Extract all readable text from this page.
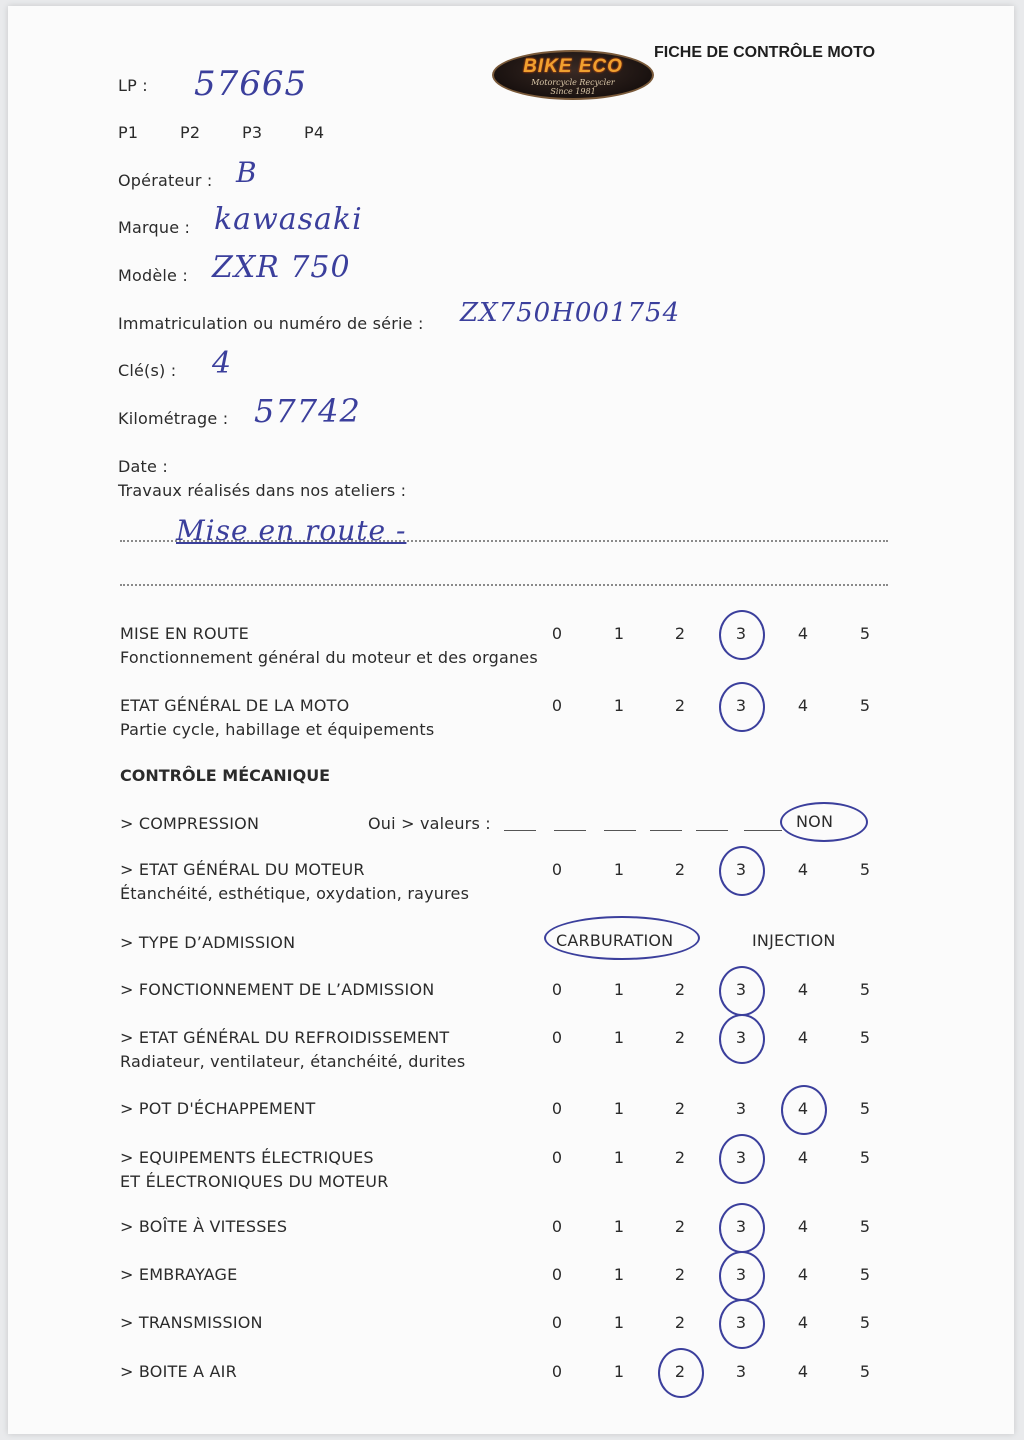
BIKE ECO
Motorcycle Recycler
Since 1981
FICHE DE CONTRÔLE MOTO
LP : 57665
P1	P2	P3	P4
Opérateur : B
Marque : kawasaki
Modèle : ZXR 750
Immatriculation ou numéro de série : ZX750H001754
Clé(s) : 4
Kilométrage : 57742
Date :
Travaux réalisés dans nos ateliers :
Mise en route -
MISE EN ROUTE
Fonctionnement général du moteur et des organes
0	1	2	3	4	5
ETAT GÉNÉRAL DE LA MOTO
Partie cycle, habillage et équipements
0	1	2	3	4	5
> ETAT GÉNÉRAL DU MOTEUR
Étanchéité, esthétique, oxydation, rayures
0	1	2	3	4	5
> FONCTIONNEMENT DE L’ADMISSION	0	1	2	3	4	5
> ETAT GÉNÉRAL DU REFROIDISSEMENT
Radiateur, ventilateur, étanchéité, durites
0	1	2	3	4	5
> POT D'ÉCHAPPEMENT	0	1	2	3	4	5
> EQUIPEMENTS ÉLECTRIQUES
ET ÉLECTRONIQUES DU MOTEUR
0	1	2	3	4	5
> BOÎTE À VITESSES	0	1	2	3	4	5
> EMBRAYAGE	0	1	2	3	4	5
> TRANSMISSION	0	1	2	3	4	5
> BOITE A AIR	0	1	2	3	4	5
CONTRÔLE MÉCANIQUE
> COMPRESSION	Oui > valeurs :	NON
> TYPE D’ADMISSION	CARBURATION	INJECTION
